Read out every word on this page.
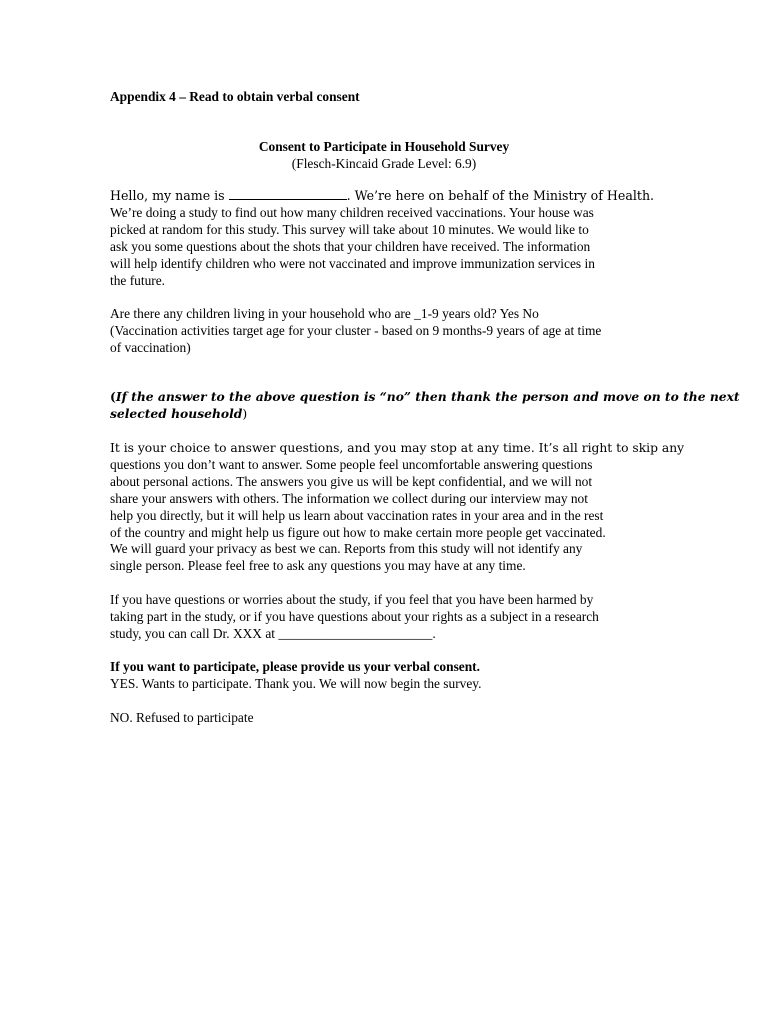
Appendix 4 – Read to obtain verbal consent

Consent to Participate in Household Survey

(Flesch-Kincaid Grade Level: 6.9)

Hello, my name is	. We’re here on behalf of the Ministry of Health.
We’re doing a study to find out how many children received vaccinations. Your house was
picked at random for this study. This survey will take about 10 minutes. We would like to
ask you some questions about the shots that your children have received. The information
will help identify children who were not vaccinated and improve immunization services in
the future.
Are there any children living in your household who are _1-9 years old? Yes No
(Vaccination activities target age for your cluster - based on 9 months-9 years of age at time
of vaccination)
(If the answer to the above question is “no” then thank the person and move on to the next
selected household)
It is your choice to answer questions, and you may stop at any time. It’s all right to skip any
questions you don’t want to answer. Some people feel uncomfortable answering questions
about personal actions. The answers you give us will be kept confidential, and we will not
share your answers with others. The information we collect during our interview may not
help you directly, but it will help us learn about vaccination rates in your area and in the rest
of the country and might help us figure out how to make certain more people get vaccinated.
We will guard your privacy as best we can. Reports from this study will not identify any
single person. Please feel free to ask any questions you may have at any time.
If you have questions or worries about the study, if you feel that you have been harmed by
taking part in the study, or if you have questions about your rights as a subject in a research
study, you can call Dr. XXX at _______________________.
If you want to participate, please provide us your verbal consent.
YES. Wants to participate. Thank you. We will now begin the survey.
NO. Refused to participate
